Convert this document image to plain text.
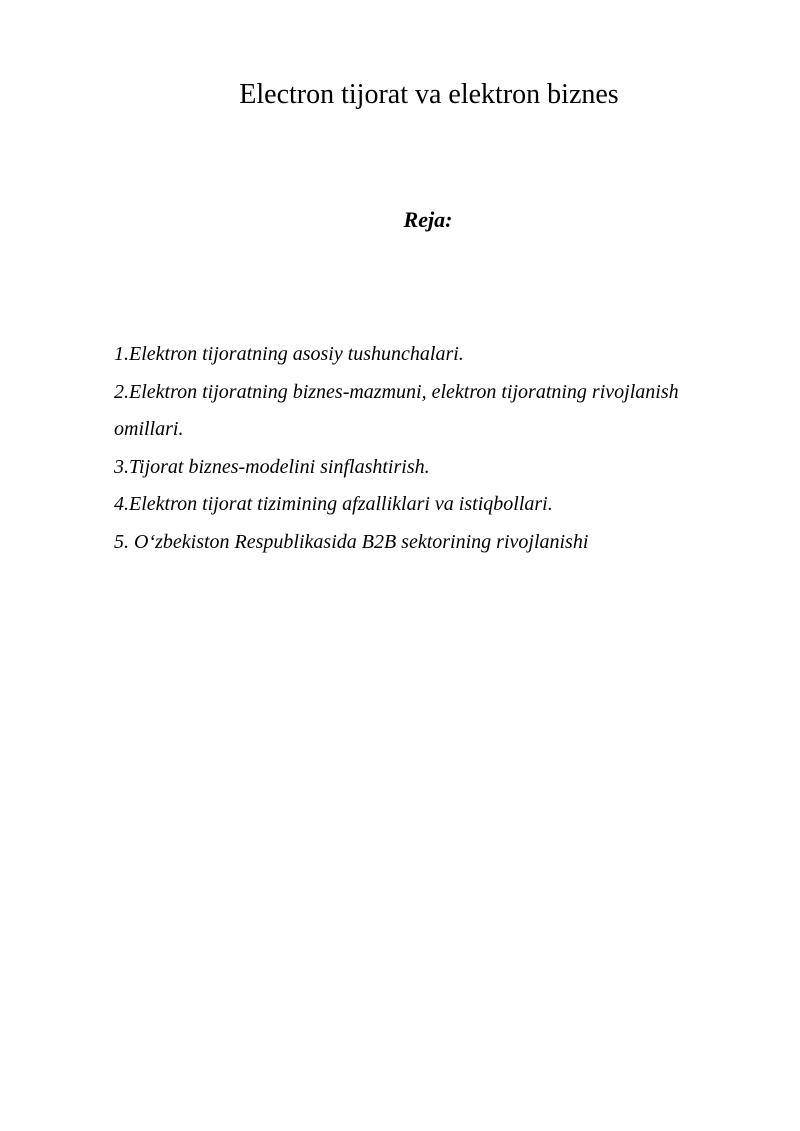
Electron tijorat va elektron biznes
Reja:
1.Elektron tijoratning asosiy tushunchalari.
2.Elektron tijoratning biznes-mazmuni, elektron tijoratning rivojlanish omillari.
3.Tijorat biznes-modelini sinflashtirish.
4.Elektron tijorat tizimining afzalliklari va istiqbollari.
5. O‘zbekiston Respublikasida B2B sektorining rivojlanishi
